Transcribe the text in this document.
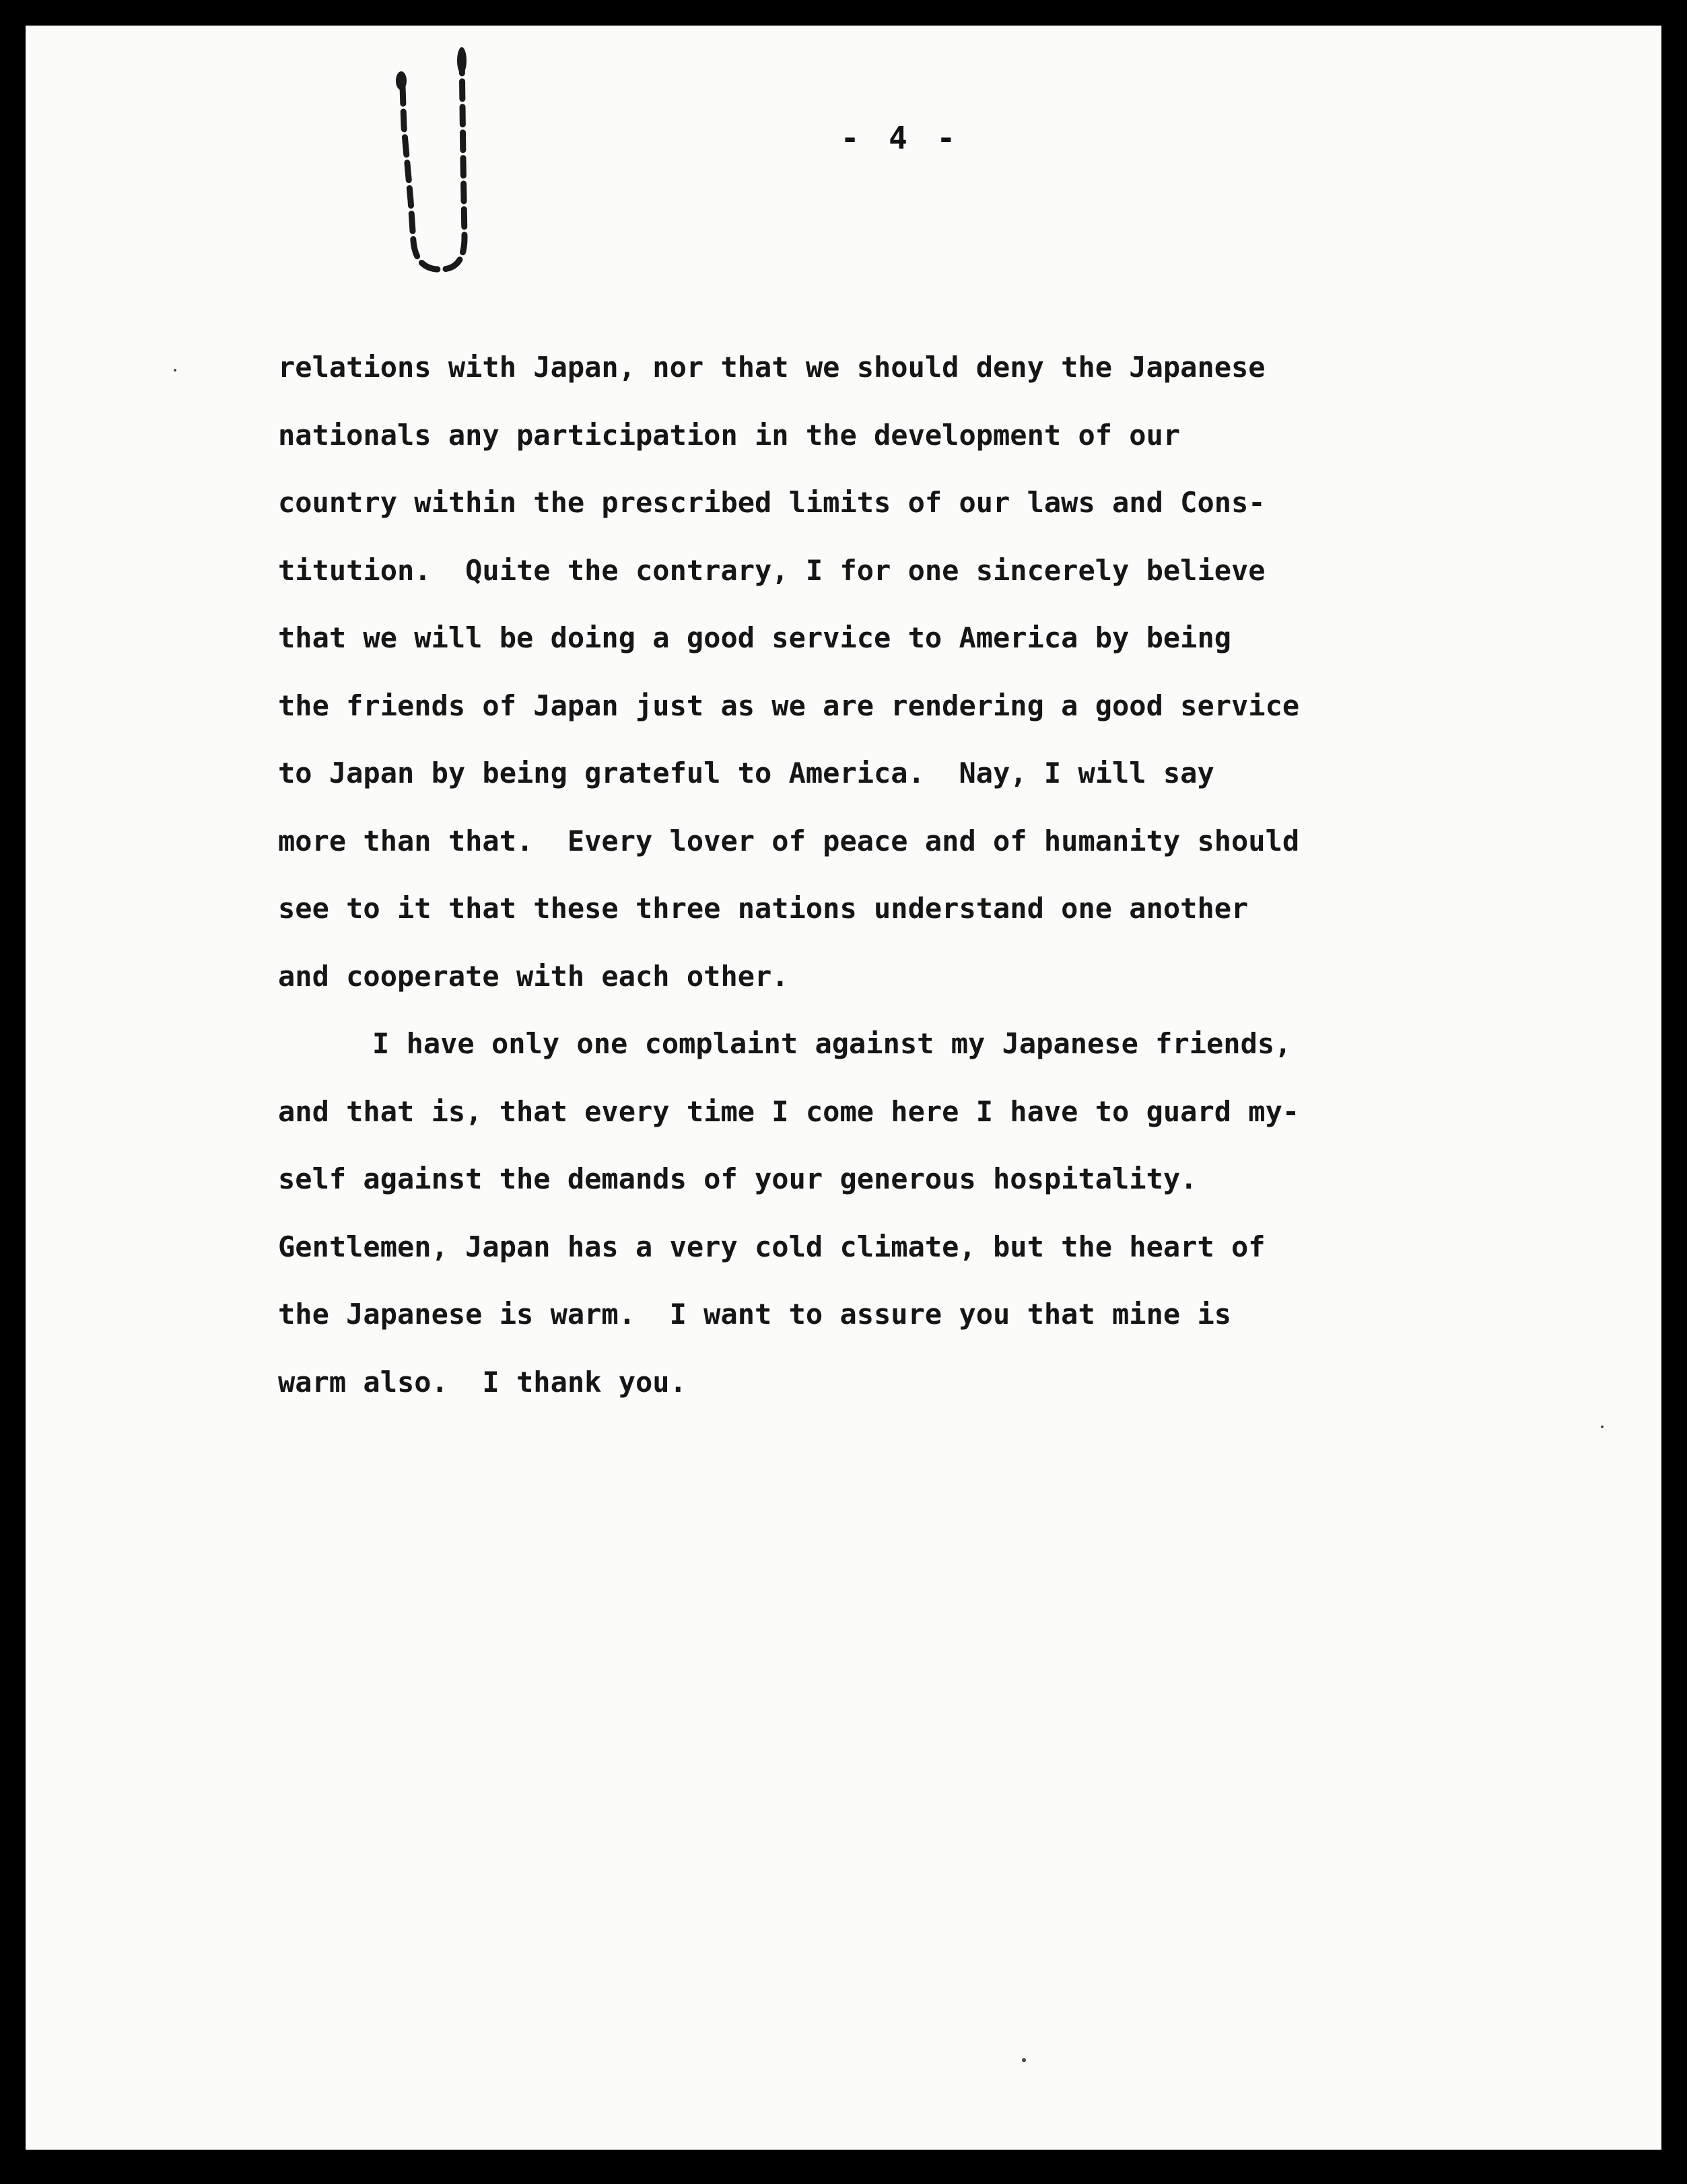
- 4 -
relations with Japan, nor that we should deny the Japanese
nationals any participation in the development of our
country within the prescribed limits of our laws and Cons-
titution.  Quite the contrary, I for one sincerely believe
that we will be doing a good service to America by being
the friends of Japan just as we are rendering a good service
to Japan by being grateful to America.  Nay, I will say
more than that.  Every lover of peace and of humanity should
see to it that these three nations understand one another
and cooperate with each other.
I have only one complaint against my Japanese friends,
and that is, that every time I come here I have to guard my-
self against the demands of your generous hospitality.
Gentlemen, Japan has a very cold climate, but the heart of
the Japanese is warm.  I want to assure you that mine is
warm also.  I thank you.
